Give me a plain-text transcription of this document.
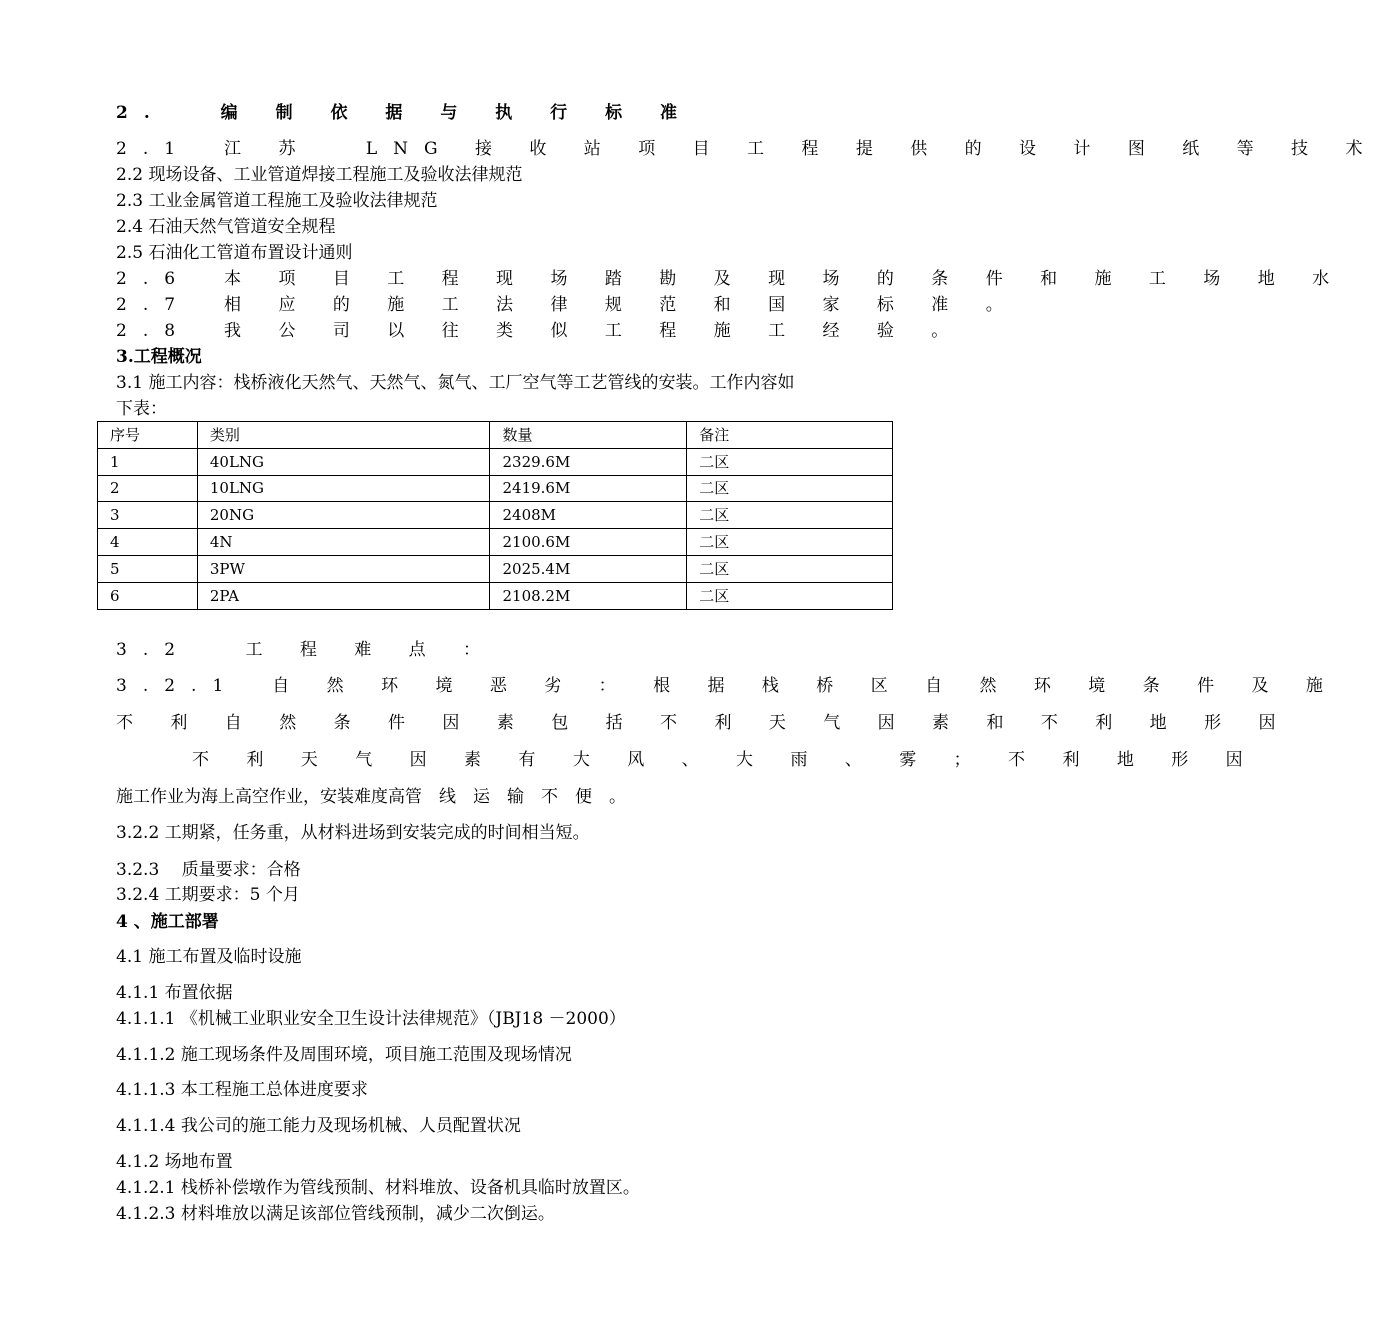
2.　 编 制 依 据 与 执 行 标 准
2.1　江 苏　 LNG 接 收 站 项 目 工 程 提 供 的 设 计 图 纸 等 技 术
2.2 现场设备、工业管道焊接工程施工及验收法律规范
2.3 工业金属管道工程施工及验收法律规范
2.4 石油天然气管道安全规程
2.5 石油化工管道布置设计通则
2.6　本 项 目 工 程 现 场 踏 勘 及 现 场 的 条 件 和 施 工 场 地 水
2.7　相 应 的 施 工 法 律 规 范 和 国 家 标 准 。
2.8　我 公 司 以 往 类 似 工 程 施 工 经 验 。
3.工程概况
3.1 施工内容：栈桥液化天然气、天然气、氮气、工厂空气等工艺管线的安装。工作内容如
下表：
序号	类别	数量	备注
1	40LNG	2329.6M	二区
2	10LNG	2419.6M	二区
3	20NG	2408M	二区
4	4N	2100.6M	二区
5	3PW	2025.4M	二区
6	2PA	2108.2M	二区
3.2　 工 程 难 点 ：
3.2.1　自 然 环 境 恶 劣 ： 根 据 栈 桥 区 自 然 环 境 条 件 及 施
不 利 自 然 条 件 因 素 包 括 不 利 天 气 因 素 和 不 利 地 形 因
不 利 天 气 因 素 有 大 风 、 大 雨 、 雾 ； 不 利 地 形 因
施工作业为海上高空作业，安装难度高管　线　运　输　不　便　。
3.2.2 工期紧，任务重，从材料进场到安装完成的时间相当短。
3.2.3　 质量要求：合格
3.2.4 工期要求：5 个月
4 、施工部署
4.1 施工布置及临时设施
4.1.1 布置依据
4.1.1.1 《机械工业职业安全卫生设计法律规范》（JBJ18 －2000）
4.1.1.2 施工现场条件及周围环境，项目施工范围及现场情况
4.1.1.3 本工程施工总体进度要求
4.1.1.4 我公司的施工能力及现场机械、人员配置状况
4.1.2 场地布置
4.1.2.1 栈桥补偿墩作为管线预制、材料堆放、设备机具临时放置区。
4.1.2.3 材料堆放以满足该部位管线预制，减少二次倒运。
